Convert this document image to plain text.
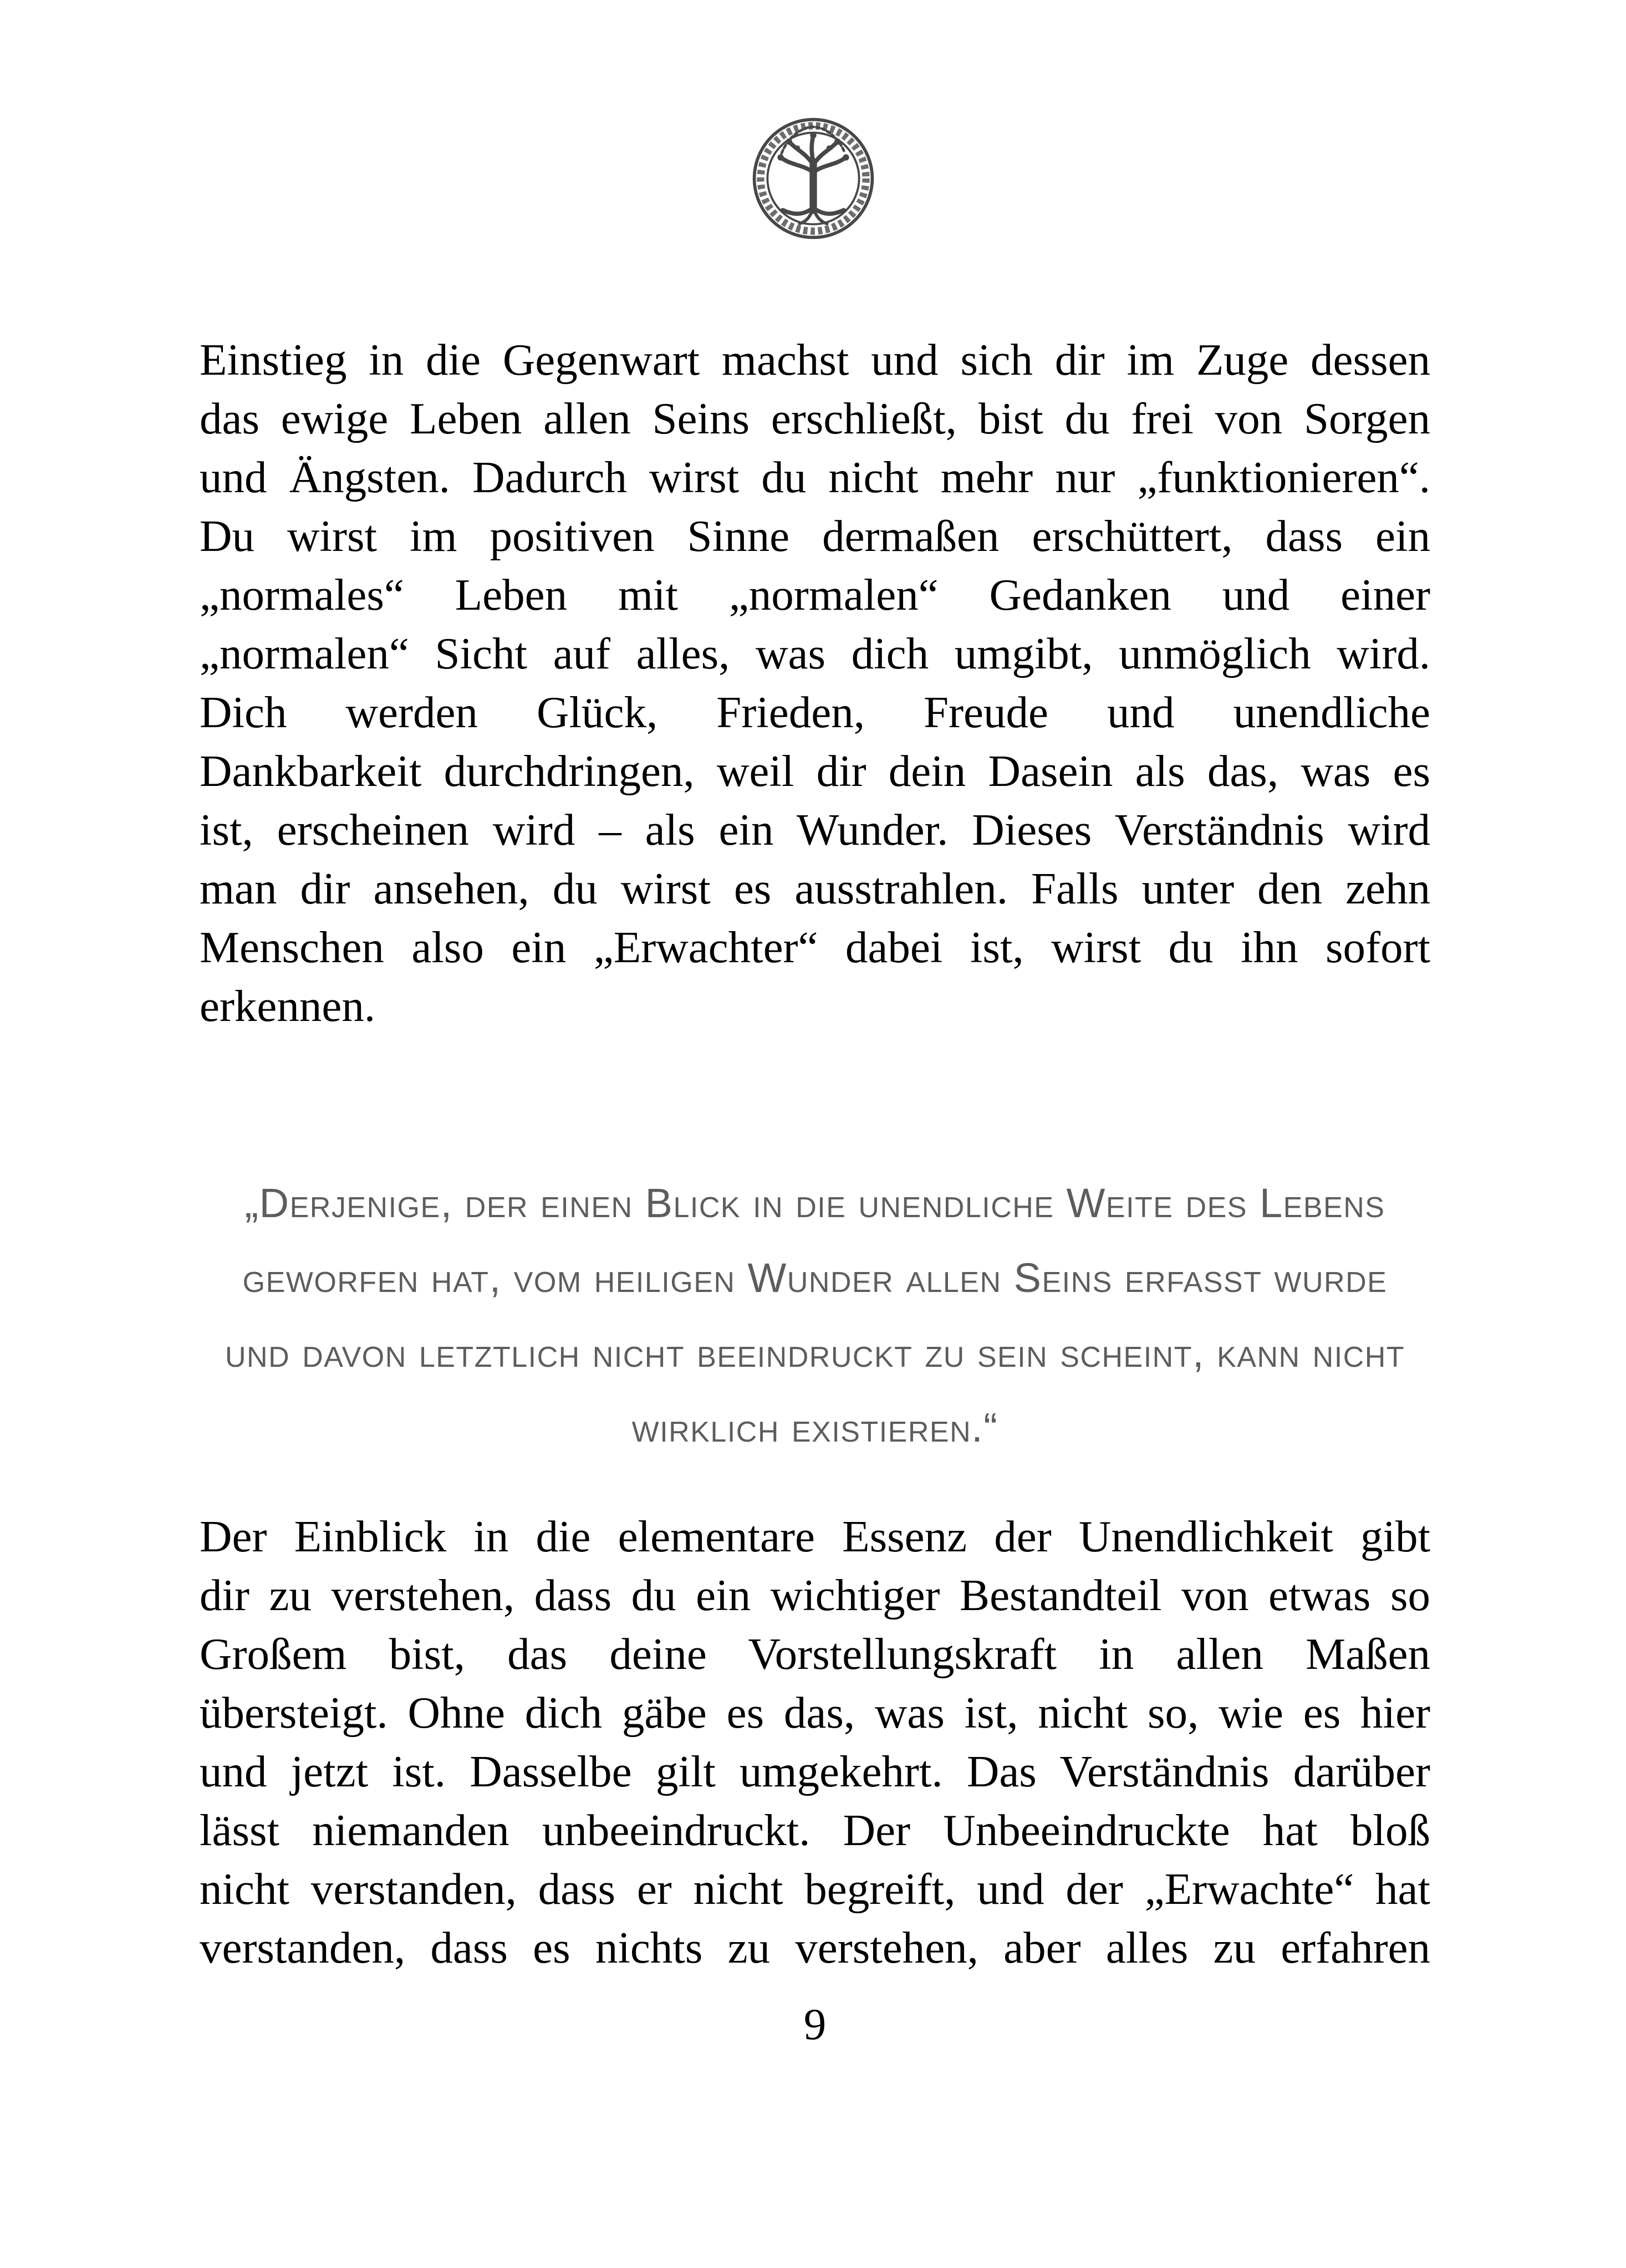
Einstieg in die Gegenwart machst und sich dir im Zuge dessen
das ewige Leben allen Seins erschließt, bist du frei von Sorgen
und Ängsten. Dadurch wirst du nicht mehr nur „funktionieren“.
Du wirst im positiven Sinne dermaßen erschüttert, dass ein
„normales“ Leben mit „normalen“ Gedanken und einer
„normalen“ Sicht auf alles, was dich umgibt, unmöglich wird.
Dich werden Glück, Frieden, Freude und unendliche
Dankbarkeit durchdringen, weil dir dein Dasein als das, was es
ist, erscheinen wird – als ein Wunder. Dieses Verständnis wird
man dir ansehen, du wirst es ausstrahlen. Falls unter den zehn
Menschen also ein „Erwachter“ dabei ist, wirst du ihn sofort
erkennen.
„Derjenige, der einen Blick in die unendliche Weite des Lebens
geworfen hat, vom heiligen Wunder allen Seins erfasst wurde
und davon letztlich nicht beeindruckt zu sein scheint, kann nicht
wirklich existieren.“
Der Einblick in die elementare Essenz der Unendlichkeit gibt
dir zu verstehen, dass du ein wichtiger Bestandteil von etwas so
Großem bist, das deine Vorstellungskraft in allen Maßen
übersteigt. Ohne dich gäbe es das, was ist, nicht so, wie es hier
und jetzt ist. Dasselbe gilt umgekehrt. Das Verständnis darüber
lässt niemanden unbeeindruckt. Der Unbeeindruckte hat bloß
nicht verstanden, dass er nicht begreift, und der „Erwachte“ hat
verstanden, dass es nichts zu verstehen, aber alles zu erfahren
9
